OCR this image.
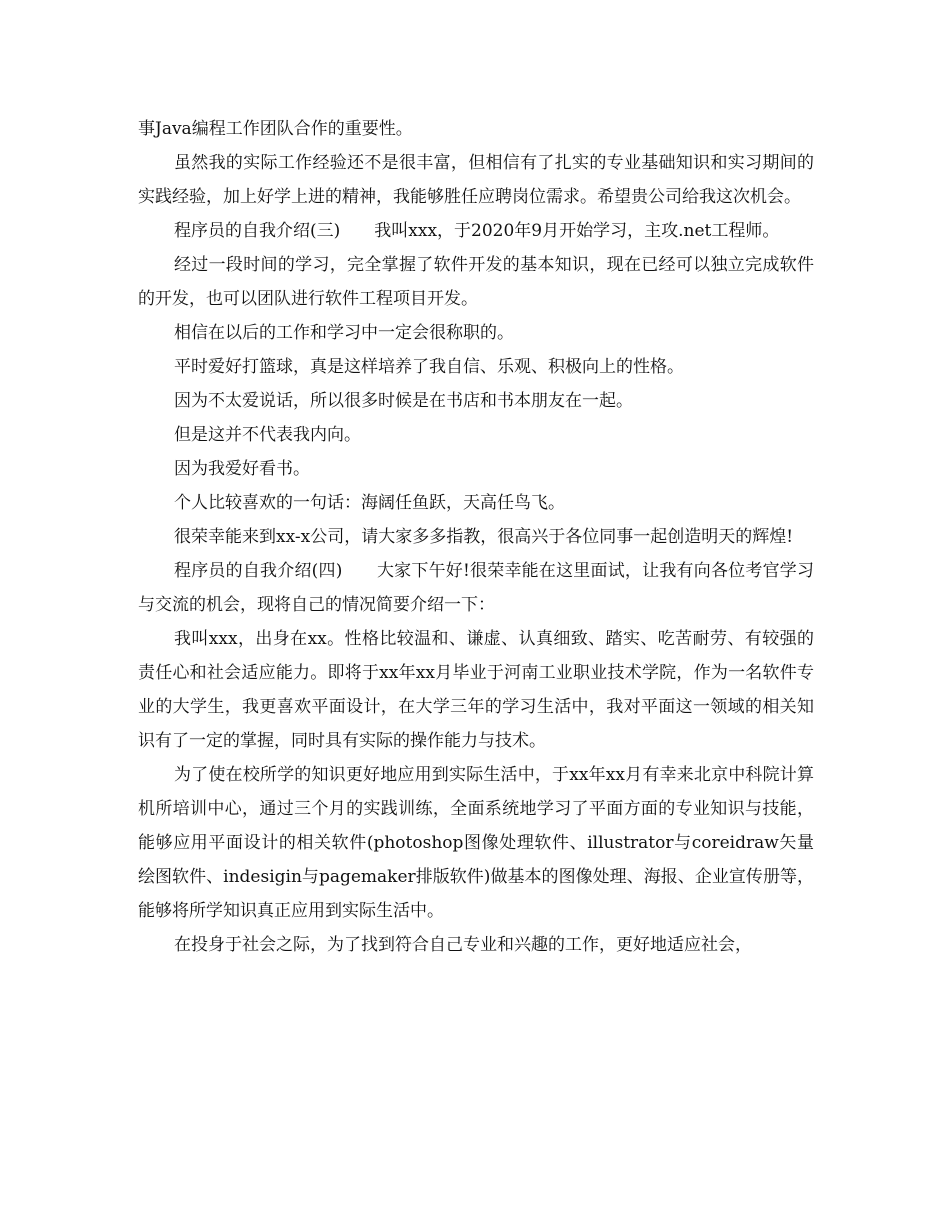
事Java编程工作团队合作的重要性。

虽然我的实际工作经验还不是很丰富，但相信有了扎实的专业基础知识和实习期间的实践经验，加上好学上进的精神，我能够胜任应聘岗位需求。希望贵公司给我这次机会。

程序员的自我介绍(三)　　我叫xxx，于2020年9月开始学习，主攻.net工程师。

经过一段时间的学习，完全掌握了软件开发的基本知识，现在已经可以独立完成软件的开发，也可以团队进行软件工程项目开发。

相信在以后的工作和学习中一定会很称职的。

平时爱好打篮球，真是这样培养了我自信、乐观、积极向上的性格。

因为不太爱说话，所以很多时候是在书店和书本朋友在一起。

但是这并不代表我内向。

因为我爱好看书。

个人比较喜欢的一句话：海阔任鱼跃，天高任鸟飞。

很荣幸能来到xx-x公司，请大家多多指教，很高兴于各位同事一起创造明天的辉煌!

程序员的自我介绍(四)　　大家下午好!很荣幸能在这里面试，让我有向各位考官学习与交流的机会，现将自己的情况简要介绍一下：

我叫xxx，出身在xx。性格比较温和、谦虚、认真细致、踏实、吃苦耐劳、有较强的责任心和社会适应能力。即将于xx年xx月毕业于河南工业职业技术学院，作为一名软件专业的大学生，我更喜欢平面设计，在大学三年的学习生活中，我对平面这一领域的相关知识有了一定的掌握，同时具有实际的操作能力与技术。

为了使在校所学的知识更好地应用到实际生活中，于xx年xx月有幸来北京中科院计算机所培训中心，通过三个月的实践训练，全面系统地学习了平面方面的专业知识与技能，能够应用平面设计的相关软件(photoshop图像处理软件、illustrator与coreidraw矢量绘图软件、indesigin与pagemaker排版软件)做基本的图像处理、海报、企业宣传册等，能够将所学知识真正应用到实际生活中。

在投身于社会之际，为了找到符合自己专业和兴趣的工作，更好地适应社会，
